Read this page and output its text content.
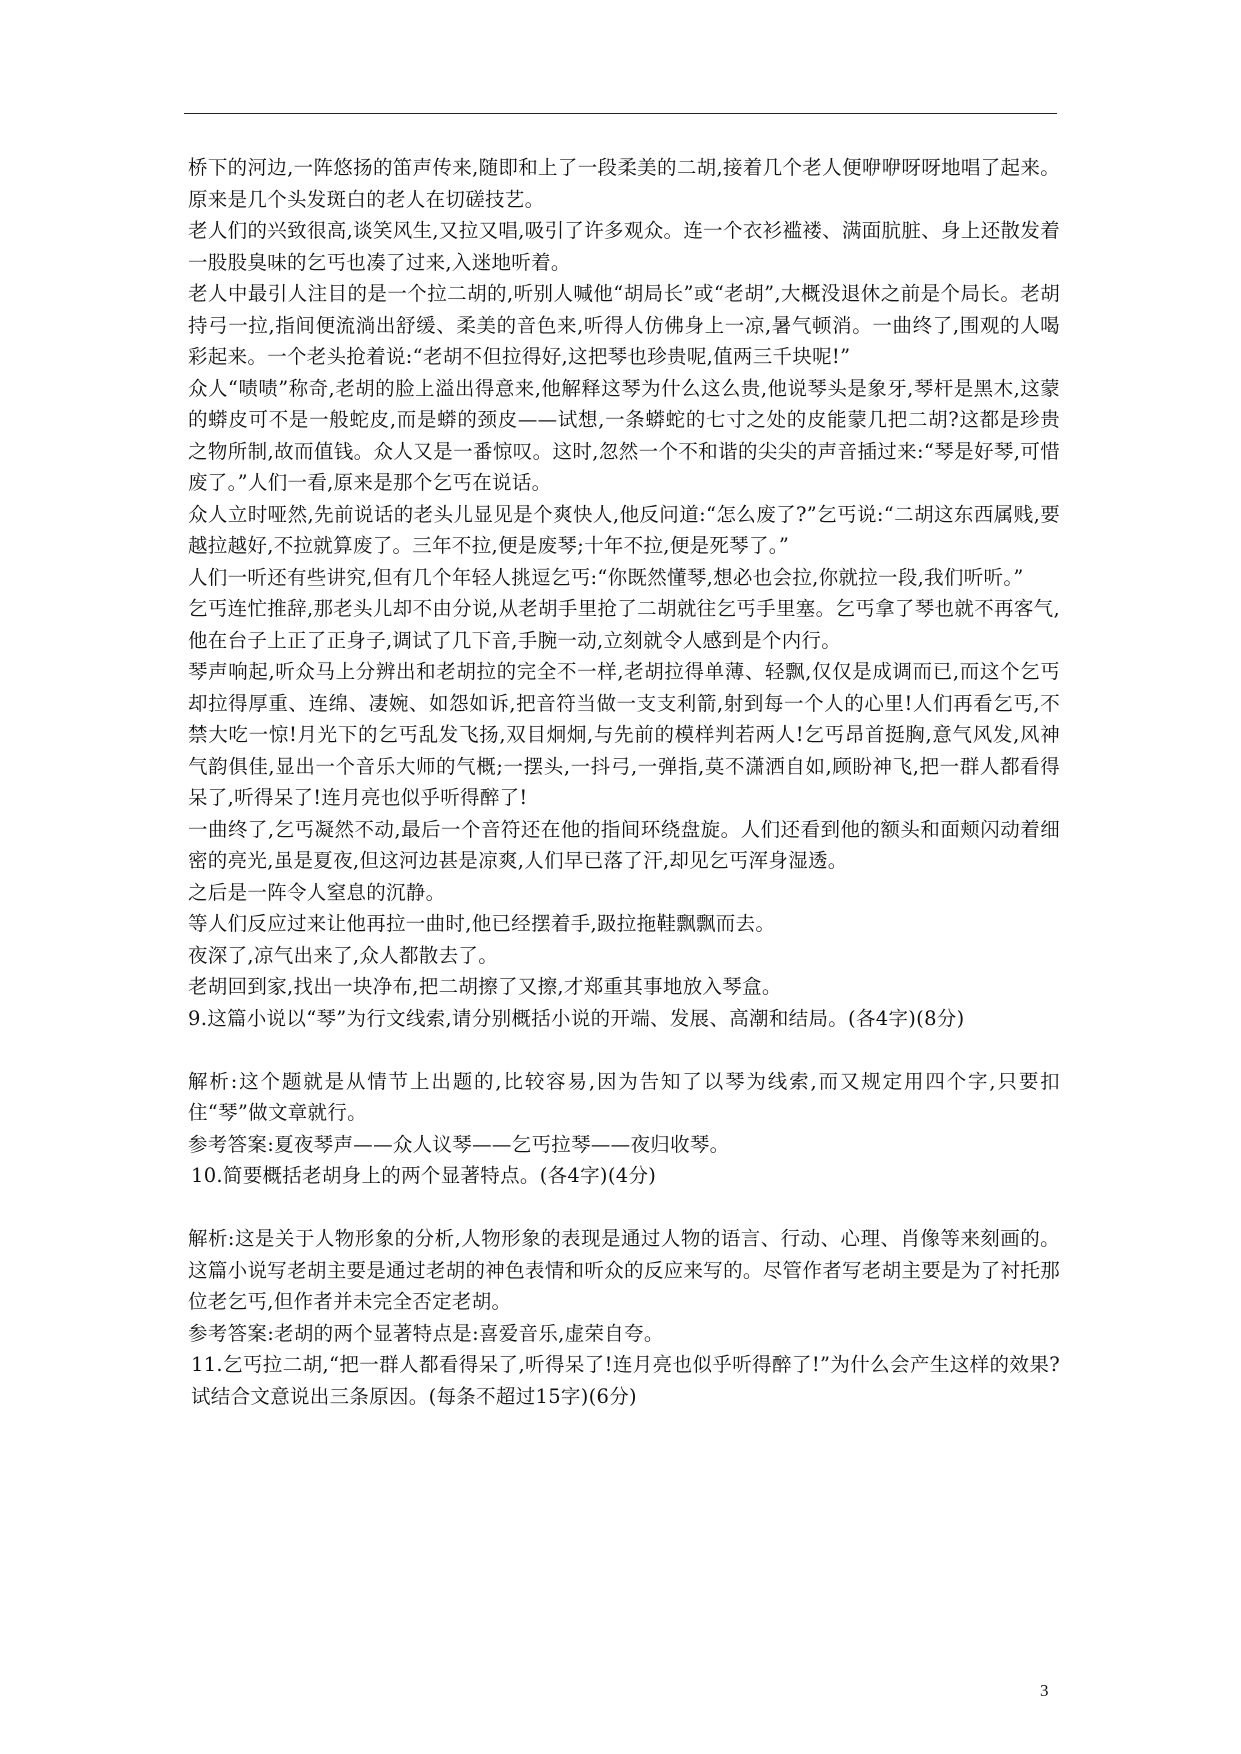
桥下的河边,一阵悠扬的笛声传来,随即和上了一段柔美的二胡,接着几个老人便咿咿呀呀地唱了起来。原来是几个头发斑白的老人在切磋技艺。

老人们的兴致很高,谈笑风生,又拉又唱,吸引了许多观众。连一个衣衫褴褛、满面肮脏、身上还散发着一股股臭味的乞丐也凑了过来,入迷地听着。

老人中最引人注目的是一个拉二胡的,听别人喊他“胡局长”或“老胡”,大概没退休之前是个局长。老胡持弓一拉,指间便流淌出舒缓、柔美的音色来,听得人仿佛身上一凉,暑气顿消。一曲终了,围观的人喝彩起来。一个老头抢着说:“老胡不但拉得好,这把琴也珍贵呢,值两三千块呢!”

众人“啧啧”称奇,老胡的脸上溢出得意来,他解释这琴为什么这么贵,他说琴头是象牙,琴杆是黑木,这蒙的蟒皮可不是一般蛇皮,而是蟒的颈皮——试想,一条蟒蛇的七寸之处的皮能蒙几把二胡?这都是珍贵之物所制,故而值钱。众人又是一番惊叹。这时,忽然一个不和谐的尖尖的声音插过来:“琴是好琴,可惜废了。”人们一看,原来是那个乞丐在说话。

众人立时哑然,先前说话的老头儿显见是个爽快人,他反问道:“怎么废了?”乞丐说:“二胡这东西属贱,要越拉越好,不拉就算废了。三年不拉,便是废琴;十年不拉,便是死琴了。”

人们一听还有些讲究,但有几个年轻人挑逗乞丐:“你既然懂琴,想必也会拉,你就拉一段,我们听听。”

乞丐连忙推辞,那老头儿却不由分说,从老胡手里抢了二胡就往乞丐手里塞。乞丐拿了琴也就不再客气,他在台子上正了正身子,调试了几下音,手腕一动,立刻就令人感到是个内行。

琴声响起,听众马上分辨出和老胡拉的完全不一样,老胡拉得单薄、轻飘,仅仅是成调而已,而这个乞丐却拉得厚重、连绵、凄婉、如怨如诉,把音符当做一支支利箭,射到每一个人的心里!人们再看乞丐,不禁大吃一惊!月光下的乞丐乱发飞扬,双目炯炯,与先前的模样判若两人!乞丐昂首挺胸,意气风发,风神气韵俱佳,显出一个音乐大师的气概;一摆头,一抖弓,一弹指,莫不潇洒自如,顾盼神飞,把一群人都看得呆了,听得呆了!连月亮也似乎听得醉了!

一曲终了,乞丐凝然不动,最后一个音符还在他的指间环绕盘旋。人们还看到他的额头和面颊闪动着细密的亮光,虽是夏夜,但这河边甚是凉爽,人们早已落了汗,却见乞丐浑身湿透。

之后是一阵令人窒息的沉静。

等人们反应过来让他再拉一曲时,他已经摆着手,趿拉拖鞋飘飘而去。

夜深了,凉气出来了,众人都散去了。

老胡回到家,找出一块净布,把二胡擦了又擦,才郑重其事地放入琴盒。

9.这篇小说以“琴”为行文线索,请分别概括小说的开端、发展、高潮和结局。(各4字)(8分)

解析:这个题就是从情节上出题的,比较容易,因为告知了以琴为线索,而又规定用四个字,只要扣住“琴”做文章就行。

参考答案:夏夜琴声——众人议琴——乞丐拉琴——夜归收琴。

10.简要概括老胡身上的两个显著特点。(各4字)(4分)

解析:这是关于人物形象的分析,人物形象的表现是通过人物的语言、行动、心理、肖像等来刻画的。这篇小说写老胡主要是通过老胡的神色表情和听众的反应来写的。尽管作者写老胡主要是为了衬托那位老乞丐,但作者并未完全否定老胡。

参考答案:老胡的两个显著特点是:喜爱音乐,虚荣自夸。

11.乞丐拉二胡,“把一群人都看得呆了,听得呆了!连月亮也似乎听得醉了!”为什么会产生这样的效果?试结合文意说出三条原因。(每条不超过15字)(6分)

3
